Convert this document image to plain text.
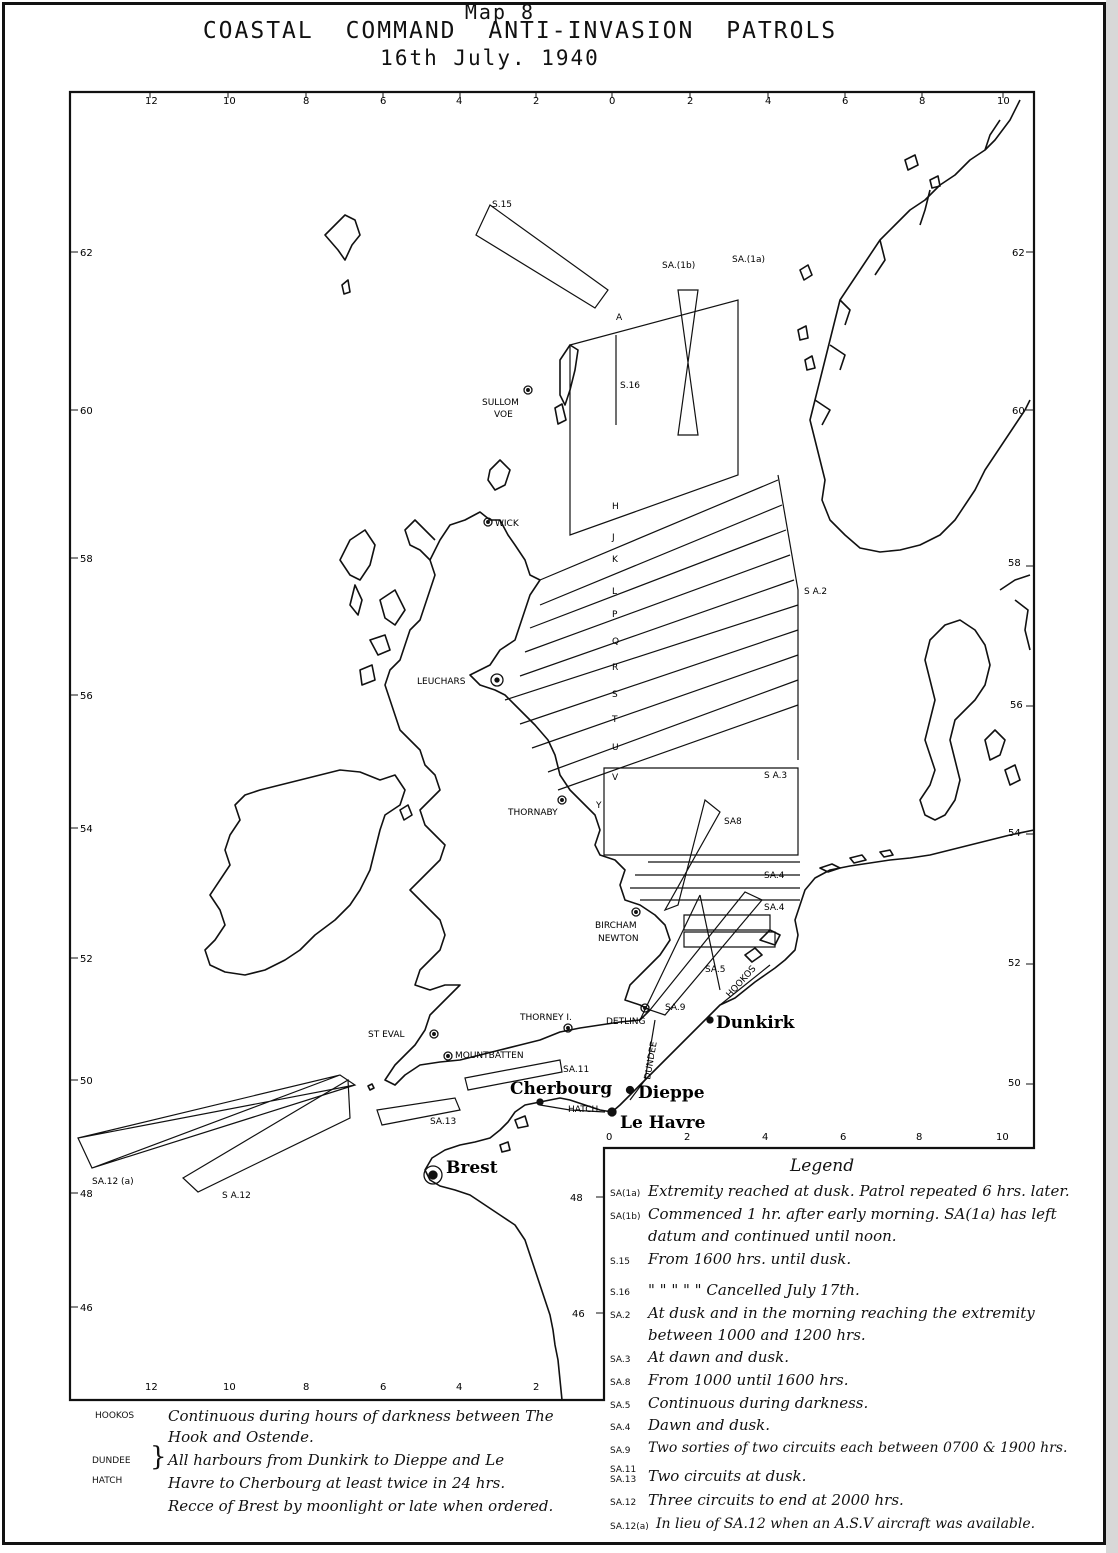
Map 8
COASTAL COMMAND ANTI-INVASION PATROLS
16th July. 1940
12	10	8	6	4	2	0	2	4	6	8	10
62
60
58
56
54
52
50
48
46
62
60
58
56
54
52
50
48
46
0	2	4	6	8	10
12	10	8	6	4	2
SULLOM
VOE
WICK
LEUCHARS
THORNABY
BIRCHAM
NEWTON
THORNEY I.	DETLING
ST EVAL
MOUNTBATTEN
Dunkirk
Dieppe
Cherbourg
Le Havre
Brest
S.15
SA.(1b)
SA.(1a)
A
S.16
S A.2
S A.3
SA8
SA.4
SA.4
SA.5
SA.9
SA.11
SA.13
SA.12 (a)
S A.12
HATCH
HOOKOS
DUNDEE
H
J
K
L
P
Q
R
S
T
U
V
Y
Legend
SA(1a) Extremity reached at dusk. Patrol repeated 6 hrs. later.
SA(1b) Commenced 1 hr. after early morning. SA(1a) has left
datum and continued until noon.
S.15 From 1600 hrs. until dusk.
S.16 " " " " " Cancelled July 17th.
SA.2 At dusk and in the morning reaching the extremity
between 1000 and 1200 hrs.
SA.3 At dawn and dusk.
SA.8 From 1000 until 1600 hrs.
SA.5 Continuous during darkness.
SA.4 Dawn and dusk.
SA.9 Two sorties of two circuits each between 0700 & 1900 hrs.
SA.11 SA.13 Two circuits at dusk.
SA.12 Three circuits to end at 2000 hrs.
SA.12(a) In lieu of SA.12 when an A.S.V aircraft was available.
HOOKOS Continuous during hours of darkness between The
Hook and Ostende.
DUNDEE
HATCH
} All harbours from Dunkirk to Dieppe and Le
Havre to Cherbourg at least twice in 24 hrs.
Recce of Brest by moonlight or late when ordered.
